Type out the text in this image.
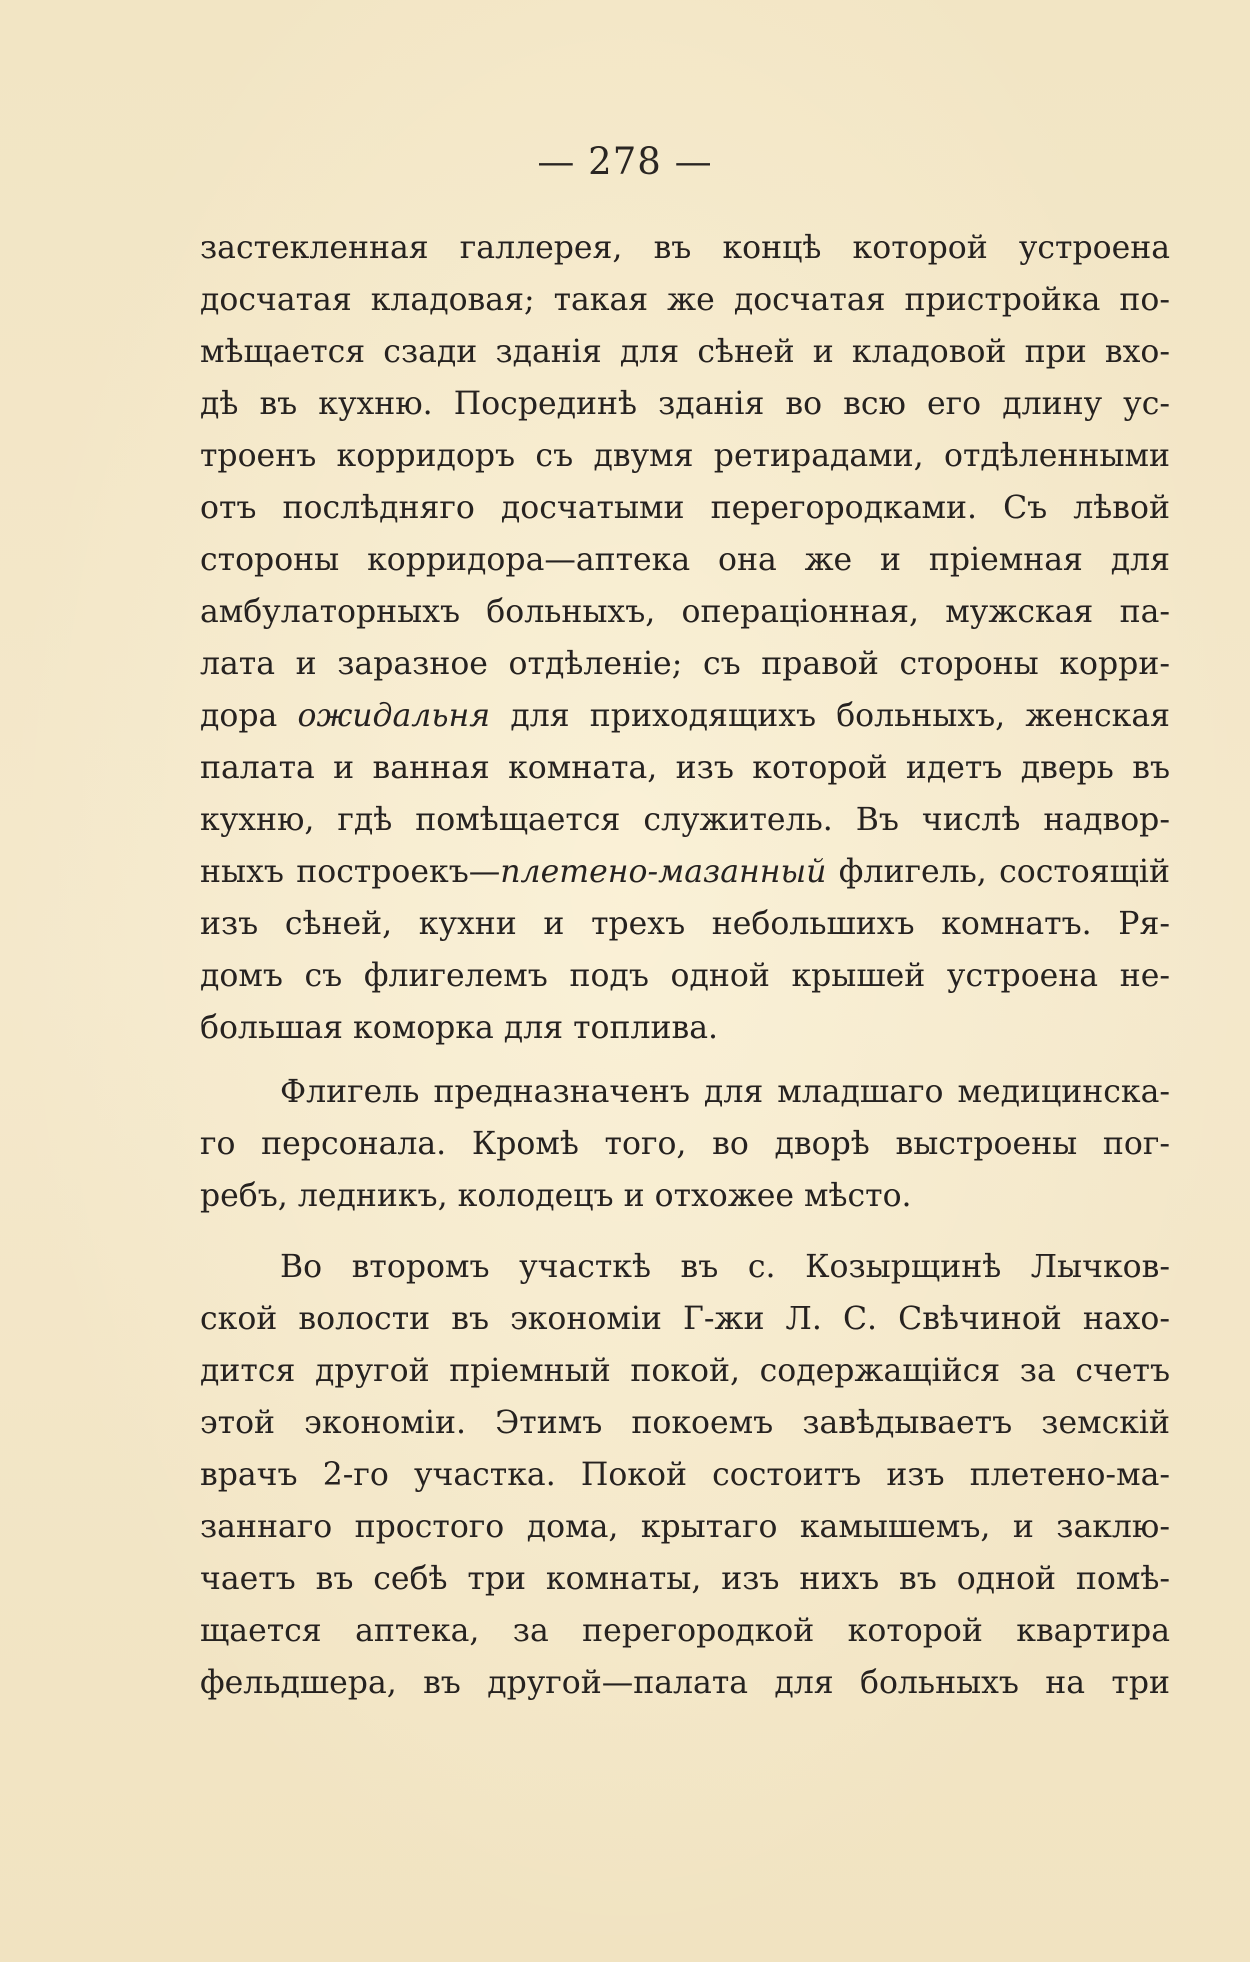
— 278 —
застекленная галлерея, въ концѣ которой устроена
досчатая кладовая; такая же досчатая пристройка по-
мѣщается сзади зданія для сѣней и кладовой при вхо-
дѣ въ кухню. Посрединѣ зданія во всю его длину ус-
троенъ корридоръ съ двумя ретирадами, отдѣленными
отъ послѣдняго досчатыми перегородками. Съ лѣвой
стороны корридора—аптека она же и пріемная для
амбулаторныхъ больныхъ, операціонная, мужская па-
лата и заразное отдѣленіе; съ правой стороны корри-
дора ожидальня для приходящихъ больныхъ, женская
палата и ванная комната, изъ которой идетъ дверь въ
кухню, гдѣ помѣщается служитель. Въ числѣ надвор-
ныхъ построекъ—плетено-мазанный флигель, состоящій
изъ сѣней, кухни и трехъ небольшихъ комнатъ. Ря-
домъ съ флигелемъ подъ одной крышей устроена не-
большая коморка для топлива.
Флигель предназначенъ для младшаго медицинска-
го персонала. Кромѣ того, во дворѣ выстроены пог-
ребъ, ледникъ, колодецъ и отхожее мѣсто.
Во второмъ участкѣ въ с. Козырщинѣ Лычков-
ской волости въ экономіи Г-жи Л. С. Свѣчиной нахо-
дится другой пріемный покой, содержащійся за счетъ
этой экономіи. Этимъ покоемъ завѣдываетъ земскій
врачъ 2-го участка. Покой состоитъ изъ плетено-ма-
заннаго простого дома, крытаго камышемъ, и заклю-
чаетъ въ себѣ три комнаты, изъ нихъ въ одной помѣ-
щается аптека, за перегородкой которой квартира
фельдшера, въ другой—палата для больныхъ на три
